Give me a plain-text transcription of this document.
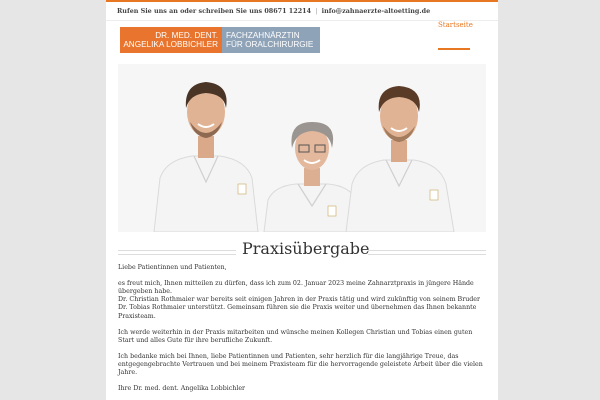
Rufen Sie uns an oder schreiben Sie uns 08671 12214 | info@zahnaerzte-altoetting.de
DR. MED. DENT.
ANGELIKA LOBBICHLER
FACHZAHNÄRZTIN
FÜR ORALCHIRURGIE
Startseite
Praxisübergabe

Liebe Patientinnen und Patienten,

es freut mich, Ihnen mitteilen zu dürfen, dass ich zum 02. Januar 2023 meine Zahnarztpraxis in jüngere Hände übergeben habe.

Dr. Christian Rothmaier war bereits seit einigen Jahren in der Praxis tätig und wird zukünftig von seinem Bruder Dr. Tobias Rothmaier unterstützt. Gemeinsam führen sie die Praxis weiter und übernehmen das Ihnen bekannte Praxisteam.

Ich werde weiterhin in der Praxis mitarbeiten und wünsche meinen Kollegen Christian und Tobias einen guten Start und alles Gute für ihre berufliche Zukunft.

Ich bedanke mich bei Ihnen, liebe Patientinnen und Patienten, sehr herzlich für die langjährige Treue, das entgegengebrachte Vertrauen und bei meinem Praxisteam für die hervorragende geleistete Arbeit über die vielen Jahre.

Ihre Dr. med. dent. Angelika Lobbichler
